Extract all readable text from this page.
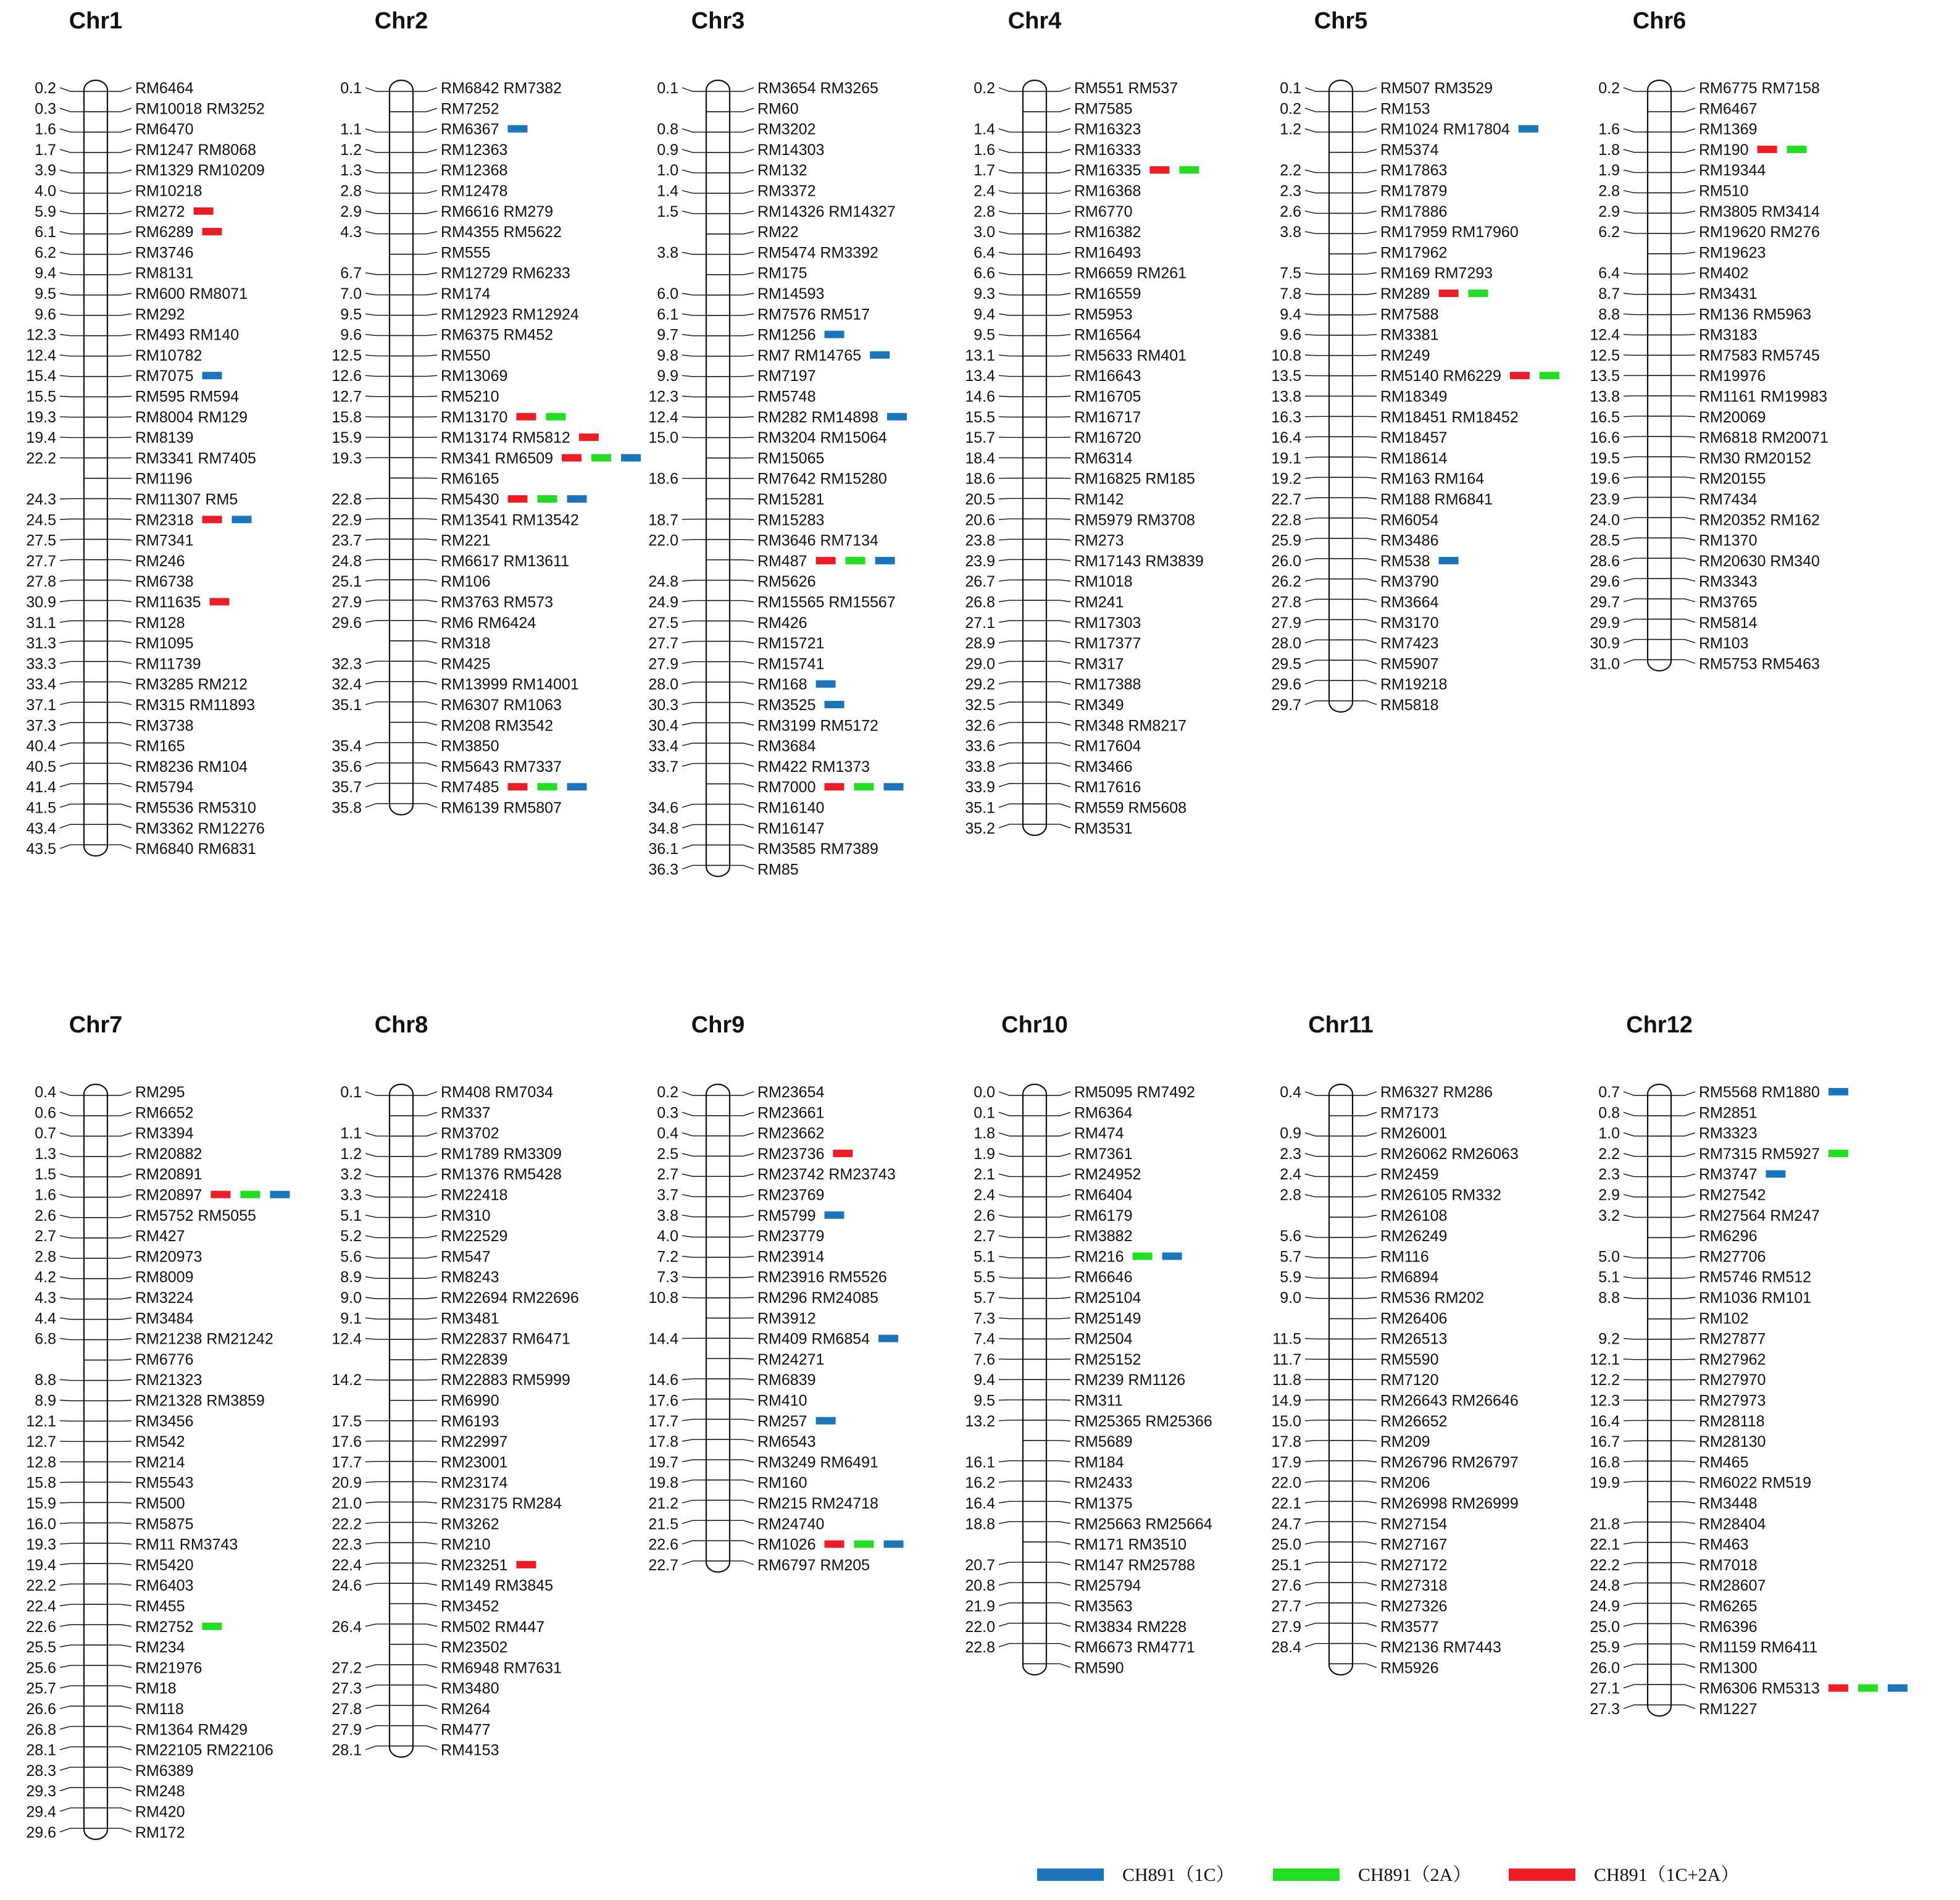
Chr1
RM6464
0.2
RM10018 RM3252
0.3
RM6470
1.6
RM1247 RM8068
1.7
RM1329 RM10209
3.9
RM10218
4.0
RM272
5.9
RM6289
6.1
RM3746
6.2
RM8131
9.4
RM600 RM8071
9.5
RM292
9.6
RM493 RM140
12.3
RM10782
12.4
RM7075
15.4
RM595 RM594
15.5
RM8004 RM129
19.3
RM8139
19.4
RM3341 RM7405
22.2
RM1196
RM11307 RM5
24.3
RM2318
24.5
RM7341
27.5
RM246
27.7
RM6738
27.8
RM11635
30.9
RM128
31.1
RM1095
31.3
RM11739
33.3
RM3285 RM212
33.4
RM315 RM11893
37.1
RM3738
37.3
RM165
40.4
RM8236 RM104
40.5
RM5794
41.4
RM5536 RM5310
41.5
RM3362 RM12276
43.4
RM6840 RM6831
43.5
Chr2
RM6842 RM7382
0.1
RM7252
RM6367
1.1
RM12363
1.2
RM12368
1.3
RM12478
2.8
RM6616 RM279
2.9
RM4355 RM5622
4.3
RM555
RM12729 RM6233
6.7
RM174
7.0
RM12923 RM12924
9.5
RM6375 RM452
9.6
RM550
12.5
RM13069
12.6
RM5210
12.7
RM13170
15.8
RM13174 RM5812
15.9
RM341 RM6509
19.3
RM6165
RM5430
22.8
RM13541 RM13542
22.9
RM221
23.7
RM6617 RM13611
24.8
RM106
25.1
RM3763 RM573
27.9
RM6 RM6424
29.6
RM318
RM425
32.3
RM13999 RM14001
32.4
RM6307 RM1063
35.1
RM208 RM3542
RM3850
35.4
RM5643 RM7337
35.6
RM7485
35.7
RM6139 RM5807
35.8
Chr3
RM3654 RM3265
0.1
RM60
RM3202
0.8
RM14303
0.9
RM132
1.0
RM3372
1.4
RM14326 RM14327
1.5
RM22
RM5474 RM3392
3.8
RM175
RM14593
6.0
RM7576 RM517
6.1
RM1256
9.7
RM7 RM14765
9.8
RM7197
9.9
RM5748
12.3
RM282 RM14898
12.4
RM3204 RM15064
15.0
RM15065
RM7642 RM15280
18.6
RM15281
RM15283
18.7
RM3646 RM7134
22.0
RM487
RM5626
24.8
RM15565 RM15567
24.9
RM426
27.5
RM15721
27.7
RM15741
27.9
RM168
28.0
RM3525
30.3
RM3199 RM5172
30.4
RM3684
33.4
RM422 RM1373
33.7
RM7000
RM16140
34.6
RM16147
34.8
RM3585 RM7389
36.1
RM85
36.3
Chr4
RM551 RM537
0.2
RM7585
RM16323
1.4
RM16333
1.6
RM16335
1.7
RM16368
2.4
RM6770
2.8
RM16382
3.0
RM16493
6.4
RM6659 RM261
6.6
RM16559
9.3
RM5953
9.4
RM16564
9.5
RM5633 RM401
13.1
RM16643
13.4
RM16705
14.6
RM16717
15.5
RM16720
15.7
RM6314
18.4
RM16825 RM185
18.6
RM142
20.5
RM5979 RM3708
20.6
RM273
23.8
RM17143 RM3839
23.9
RM1018
26.7
RM241
26.8
RM17303
27.1
RM17377
28.9
RM317
29.0
RM17388
29.2
RM349
32.5
RM348 RM8217
32.6
RM17604
33.6
RM3466
33.8
RM17616
33.9
RM559 RM5608
35.1
RM3531
35.2
Chr5
RM507 RM3529
0.1
RM153
0.2
RM1024 RM17804
1.2
RM5374
RM17863
2.2
RM17879
2.3
RM17886
2.6
RM17959 RM17960
3.8
RM17962
RM169 RM7293
7.5
RM289
7.8
RM7588
9.4
RM3381
9.6
RM249
10.8
RM5140 RM6229
13.5
RM18349
13.8
RM18451 RM18452
16.3
RM18457
16.4
RM18614
19.1
RM163 RM164
19.2
RM188 RM6841
22.7
RM6054
22.8
RM3486
25.9
RM538
26.0
RM3790
26.2
RM3664
27.8
RM3170
27.9
RM7423
28.0
RM5907
29.5
RM19218
29.6
RM5818
29.7
Chr6
RM6775 RM7158
0.2
RM6467
RM1369
1.6
RM190
1.8
RM19344
1.9
RM510
2.8
RM3805 RM3414
2.9
RM19620 RM276
6.2
RM19623
RM402
6.4
RM3431
8.7
RM136 RM5963
8.8
RM3183
12.4
RM7583 RM5745
12.5
RM19976
13.5
RM1161 RM19983
13.8
RM20069
16.5
RM6818 RM20071
16.6
RM30 RM20152
19.5
RM20155
19.6
RM7434
23.9
RM20352 RM162
24.0
RM1370
28.5
RM20630 RM340
28.6
RM3343
29.6
RM3765
29.7
RM5814
29.9
RM103
30.9
RM5753 RM5463
31.0
Chr7
RM295
0.4
RM6652
0.6
RM3394
0.7
RM20882
1.3
RM20891
1.5
RM20897
1.6
RM5752 RM5055
2.6
RM427
2.7
RM20973
2.8
RM8009
4.2
RM3224
4.3
RM3484
4.4
RM21238 RM21242
6.8
RM6776
RM21323
8.8
RM21328 RM3859
8.9
RM3456
12.1
RM542
12.7
RM214
12.8
RM5543
15.8
RM500
15.9
RM5875
16.0
RM11 RM3743
19.3
RM5420
19.4
RM6403
22.2
RM455
22.4
RM2752
22.6
RM234
25.5
RM21976
25.6
RM18
25.7
RM118
26.6
RM1364 RM429
26.8
RM22105 RM22106
28.1
RM6389
28.3
RM248
29.3
RM420
29.4
RM172
29.6
Chr8
RM408 RM7034
0.1
RM337
RM3702
1.1
RM1789 RM3309
1.2
RM1376 RM5428
3.2
RM22418
3.3
RM310
5.1
RM22529
5.2
RM547
5.6
RM8243
8.9
RM22694 RM22696
9.0
RM3481
9.1
RM22837 RM6471
12.4
RM22839
RM22883 RM5999
14.2
RM6990
RM6193
17.5
RM22997
17.6
RM23001
17.7
RM23174
20.9
RM23175 RM284
21.0
RM3262
22.2
RM210
22.3
RM23251
22.4
RM149 RM3845
24.6
RM3452
RM502 RM447
26.4
RM23502
RM6948 RM7631
27.2
RM3480
27.3
RM264
27.8
RM477
27.9
RM4153
28.1
Chr9
RM23654
0.2
RM23661
0.3
RM23662
0.4
RM23736
2.5
RM23742 RM23743
2.7
RM23769
3.7
RM5799
3.8
RM23779
4.0
RM23914
7.2
RM23916 RM5526
7.3
RM296 RM24085
10.8
RM3912
RM409 RM6854
14.4
RM24271
RM6839
14.6
RM410
17.6
RM257
17.7
RM6543
17.8
RM3249 RM6491
19.7
RM160
19.8
RM215 RM24718
21.2
RM24740
21.5
RM1026
22.6
RM6797 RM205
22.7
Chr10
RM5095 RM7492
0.0
RM6364
0.1
RM474
1.8
RM7361
1.9
RM24952
2.1
RM6404
2.4
RM6179
2.6
RM3882
2.7
RM216
5.1
RM6646
5.5
RM25104
5.7
RM25149
7.3
RM2504
7.4
RM25152
7.6
RM239 RM1126
9.4
RM311
9.5
RM25365 RM25366
13.2
RM5689
RM184
16.1
RM2433
16.2
RM1375
16.4
RM25663 RM25664
18.8
RM171 RM3510
RM147 RM25788
20.7
RM25794
20.8
RM3563
21.9
RM3834 RM228
22.0
RM6673 RM4771
22.8
RM590
Chr11
RM6327 RM286
0.4
RM7173
RM26001
0.9
RM26062 RM26063
2.3
RM2459
2.4
RM26105 RM332
2.8
RM26108
RM26249
5.6
RM116
5.7
RM6894
5.9
RM536 RM202
9.0
RM26406
RM26513
11.5
RM5590
11.7
RM7120
11.8
RM26643 RM26646
14.9
RM26652
15.0
RM209
17.8
RM26796 RM26797
17.9
RM206
22.0
RM26998 RM26999
22.1
RM27154
24.7
RM27167
25.0
RM27172
25.1
RM27318
27.6
RM27326
27.7
RM3577
27.9
RM2136 RM7443
28.4
RM5926
Chr12
RM5568 RM1880
0.7
RM2851
0.8
RM3323
1.0
RM7315 RM5927
2.2
RM3747
2.3
RM27542
2.9
RM27564 RM247
3.2
RM6296
RM27706
5.0
RM5746 RM512
5.1
RM1036 RM101
8.8
RM102
RM27877
9.2
RM27962
12.1
RM27970
12.2
RM27973
12.3
RM28118
16.4
RM28130
16.7
RM465
16.8
RM6022 RM519
19.9
RM3448
RM28404
21.8
RM463
22.1
RM7018
22.2
RM28607
24.8
RM6265
24.9
RM6396
25.0
RM1159 RM6411
25.9
RM1300
26.0
RM6306 RM5313
27.1
RM1227
27.3
CH891（1C）	CH891（2A）	CH891（1C+2A）
